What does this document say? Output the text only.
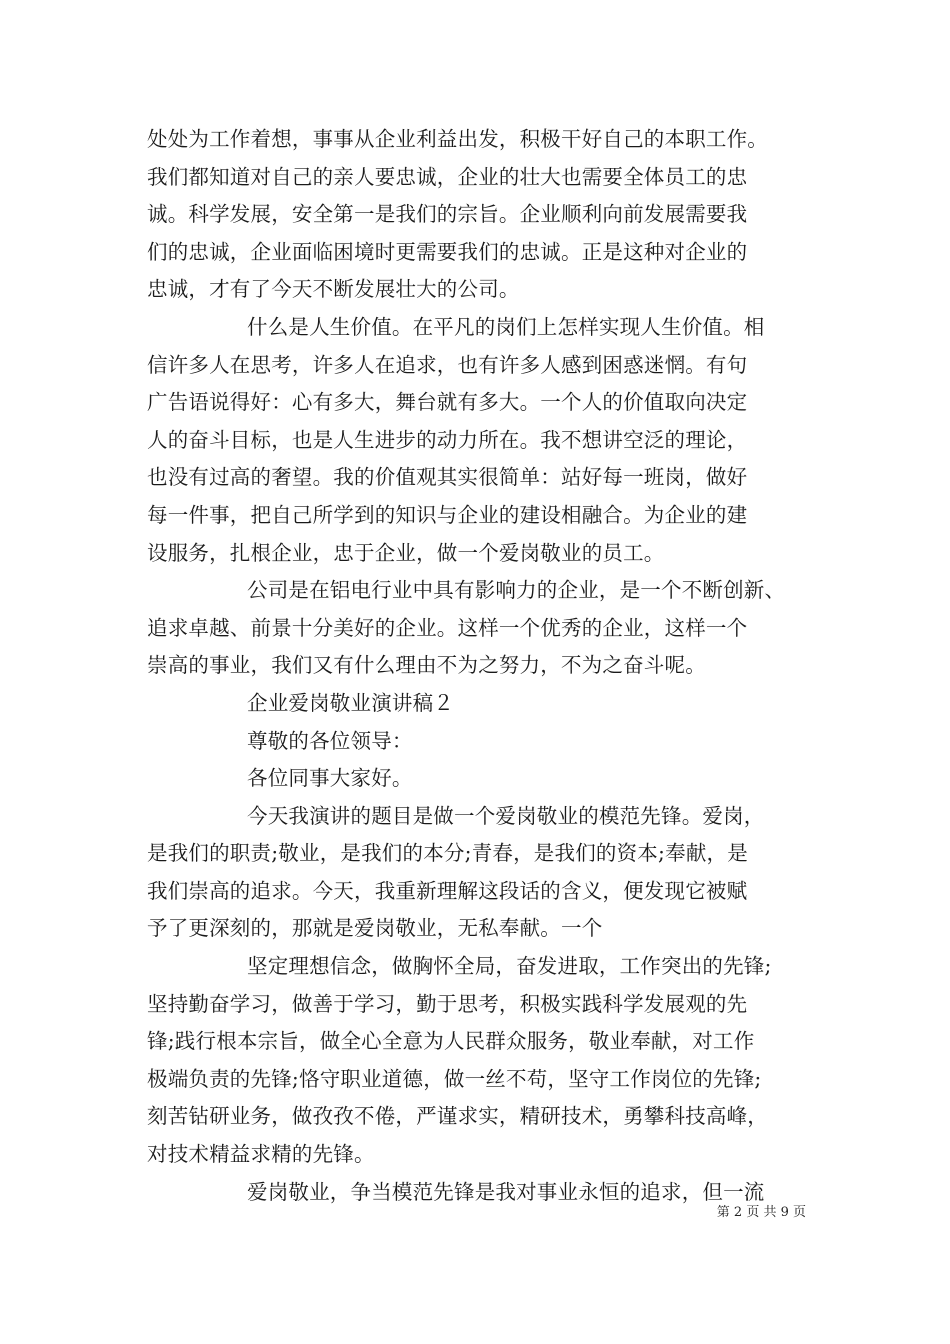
处处为工作着想，事事从企业利益出发，积极干好自己的本职工作。
我们都知道对自己的亲人要忠诚，企业的壮大也需要全体员工的忠
诚。科学发展，安全第一是我们的宗旨。企业顺利向前发展需要我
们的忠诚，企业面临困境时更需要我们的忠诚。正是这种对企业的
忠诚，才有了今天不断发展壮大的公司。
什么是人生价值。在平凡的岗们上怎样实现人生价值。相
信许多人在思考，许多人在追求，也有许多人感到困惑迷惘。有句
广告语说得好：心有多大，舞台就有多大。一个人的价值取向决定
人的奋斗目标，也是人生进步的动力所在。我不想讲空泛的理论，
也没有过高的奢望。我的价值观其实很简单：站好每一班岗，做好
每一件事，把自己所学到的知识与企业的建设相融合。为企业的建
设服务，扎根企业，忠于企业，做一个爱岗敬业的员工。
公司是在铝电行业中具有影响力的企业，是一个不断创新、
追求卓越、前景十分美好的企业。这样一个优秀的企业，这样一个
崇高的事业，我们又有什么理由不为之努力，不为之奋斗呢。
企业爱岗敬业演讲稿２
尊敬的各位领导：
各位同事大家好。
今天我演讲的题目是做一个爱岗敬业的模范先锋。爱岗，
是我们的职责;敬业，是我们的本分;青春，是我们的资本;奉献，是
我们崇高的追求。今天，我重新理解这段话的含义，便发现它被赋
予了更深刻的，那就是爱岗敬业，无私奉献。一个
坚定理想信念，做胸怀全局，奋发进取，工作突出的先锋;
坚持勤奋学习，做善于学习，勤于思考，积极实践科学发展观的先
锋;践行根本宗旨，做全心全意为人民群众服务，敬业奉献，对工作
极端负责的先锋;恪守职业道德，做一丝不苟，坚守工作岗位的先锋;
刻苦钻研业务，做孜孜不倦，严谨求实，精研技术，勇攀科技高峰，
对技术精益求精的先锋。
爱岗敬业，争当模范先锋是我对事业永恒的追求，但一流
第 2 页 共 9 页
